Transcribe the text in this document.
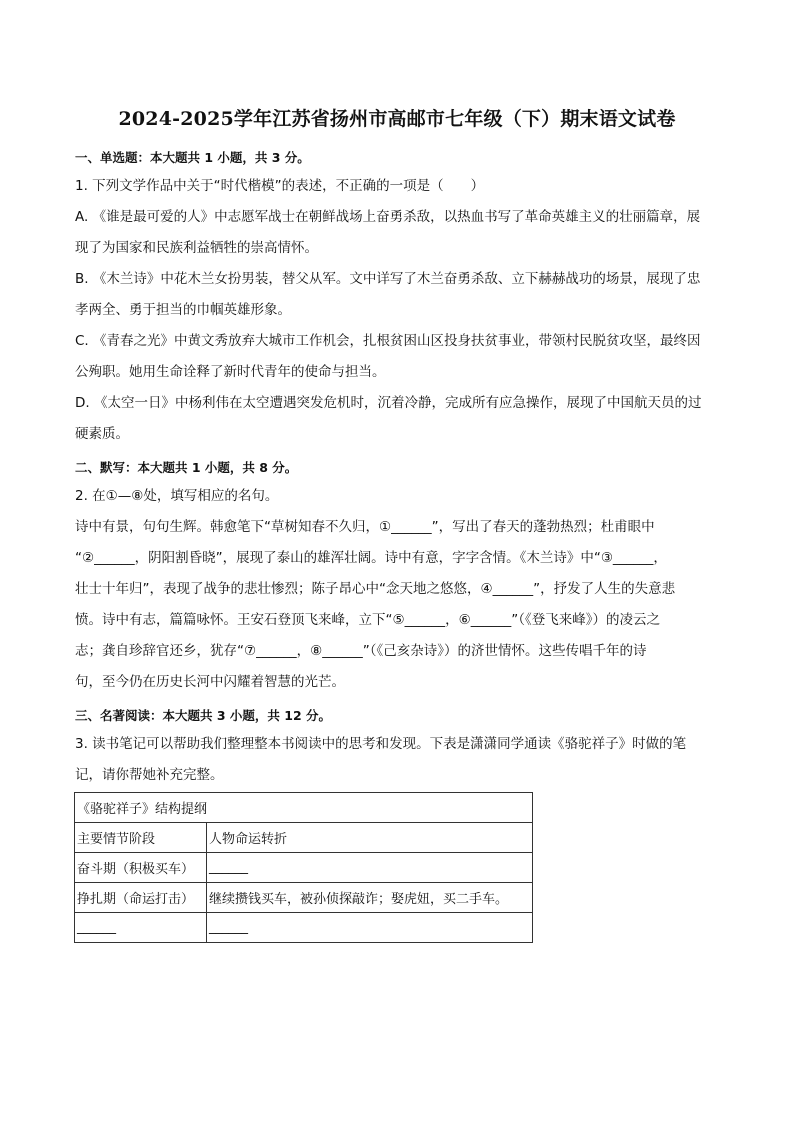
2024-2025学年江苏省扬州市高邮市七年级（下）期末语文试卷
一、单选题：本大题共 1 小题，共 3 分。
1. 下列文学作品中关于“时代楷模”的表述，不正确的一项是（　　）
A. 《谁是最可爱的人》中志愿军战士在朝鲜战场上奋勇杀敌，以热血书写了革命英雄主义的壮丽篇章，展
现了为国家和民族利益牺牲的崇高情怀。
B. 《木兰诗》中花木兰女扮男装，替父从军。文中详写了木兰奋勇杀敌、立下赫赫战功的场景，展现了忠
孝两全、勇于担当的巾帼英雄形象。
C. 《青春之光》中黄文秀放弃大城市工作机会，扎根贫困山区投身扶贫事业，带领村民脱贫攻坚，最终因
公殉职。她用生命诠释了新时代青年的使命与担当。
D. 《太空一日》中杨利伟在太空遭遇突发危机时，沉着冷静，完成所有应急操作，展现了中国航天员的过
硬素质。
二、默写：本大题共 1 小题，共 8 分。
2. 在①—⑧处，填写相应的名句。
诗中有景，句句生辉。韩愈笔下“草树知春不久归，①______”，写出了春天的蓬勃热烈；杜甫眼中
“②______，阴阳割昏晓”，展现了泰山的雄浑壮阔。诗中有意，字字含情。《木兰诗》中“③______，
壮士十年归”，表现了战争的悲壮惨烈；陈子昂心中“念天地之悠悠，④______”，抒发了人生的失意悲
愤。诗中有志，篇篇咏怀。王安石登顶飞来峰，立下“⑤______，⑥______”（《登飞来峰》）的凌云之
志；龚自珍辞官还乡，犹存“⑦______，⑧______”（《己亥杂诗》）的济世情怀。这些传唱千年的诗
句，至今仍在历史长河中闪耀着智慧的光芒。
三、名著阅读：本大题共 3 小题，共 12 分。
3. 读书笔记可以帮助我们整理整本书阅读中的思考和发现。下表是潇潇同学通读《骆驼祥子》时做的笔
记，请你帮她补充完整。
《骆驼祥子》结构提纲	
主要情节阶段	人物命运转折
奋斗期（积极买车）	______
挣扎期（命运打击）	继续攒钱买车，被孙侦探敲诈；娶虎妞，买二手车。
______	______
